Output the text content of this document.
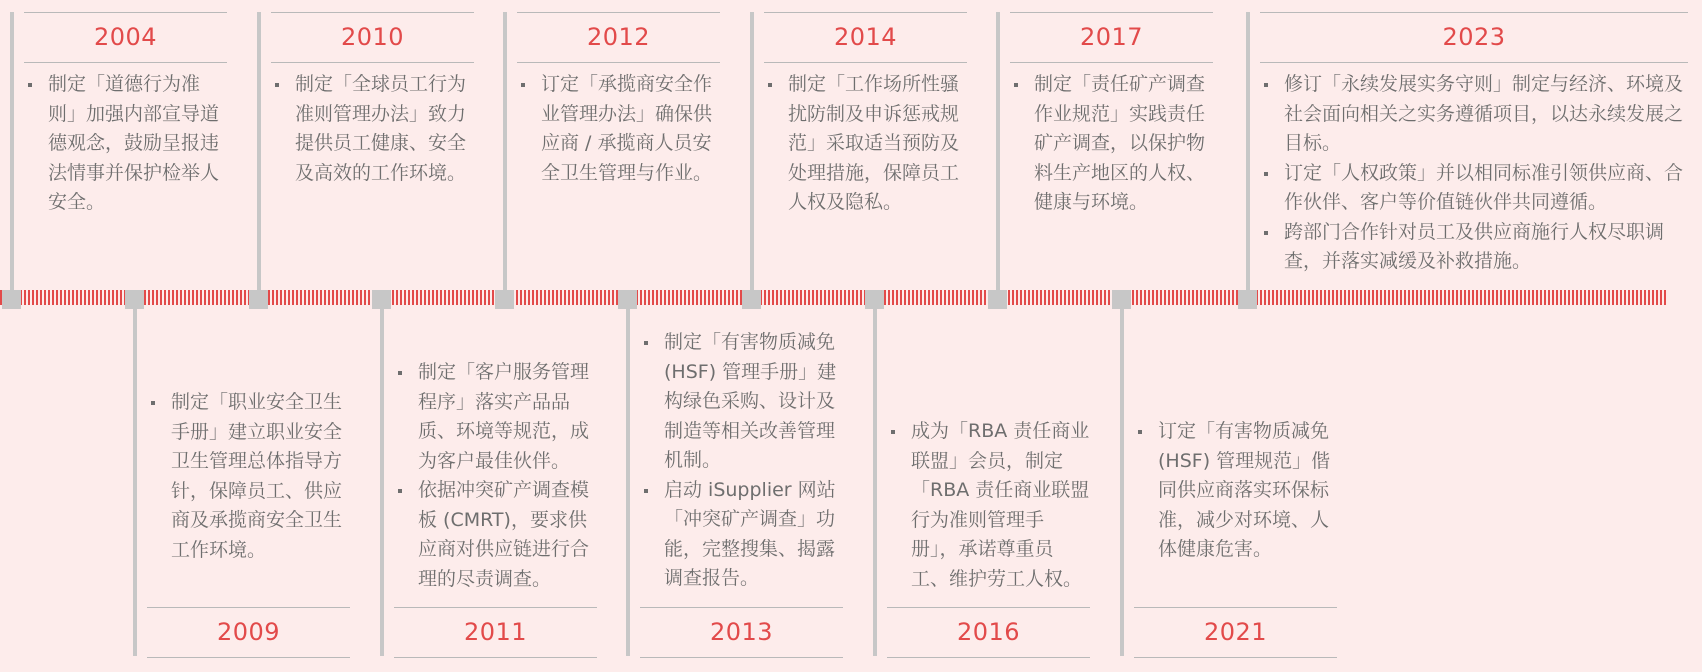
2004
制定「道德行为准则」加强内部宣导道德观念，鼓励呈报违法情事并保护检举人安全。
2010
制定「全球员工行为准则管理办法」致力提供员工健康、安全及高效的工作环境。
2012
订定「承揽商安全作业管理办法」确保供应商 / 承揽商人员安全卫生管理与作业。
2014
制定「工作场所性骚扰防制及申诉惩戒规范」采取适当预防及处理措施，保障员工人权及隐私。
2017
制定「责任矿产调查作业规范」实践责任矿产调查，以保护物料生产地区的人权、健康与环境。
2023
修订「永续发展实务守则」制定与经济、环境及社会面向相关之实务遵循项目，以达永续发展之目标。
订定「人权政策」并以相同标准引领供应商、合作伙伴、客户等价值链伙伴共同遵循。
跨部门合作针对员工及供应商施行人权尽职调查，并落实减缓及补救措施。
制定「职业安全卫生手册」建立职业安全卫生管理总体指导方针，保障员工、供应商及承揽商安全卫生工作环境。
2009
制定「客户服务管理程序」落实产品品质、环境等规范，成为客户最佳伙伴。
依据冲突矿产调查模板 (CMRT)，要求供应商对供应链进行合理的尽责调查。
2011
制定「有害物质减免 (HSF) 管理手册」建构绿色采购、设计及制造等相关改善管理机制。
启动 iSupplier 网站「冲突矿产调查」功能，完整搜集、揭露调查报告。
2013
成为「RBA 责任商业联盟」会员，制定「RBA 责任商业联盟行为准则管理手册」，承诺尊重员工、维护劳工人权。
2016
订定「有害物质减免 (HSF) 管理规范」偕同供应商落实环保标准，减少对环境、人体健康危害。
2021
